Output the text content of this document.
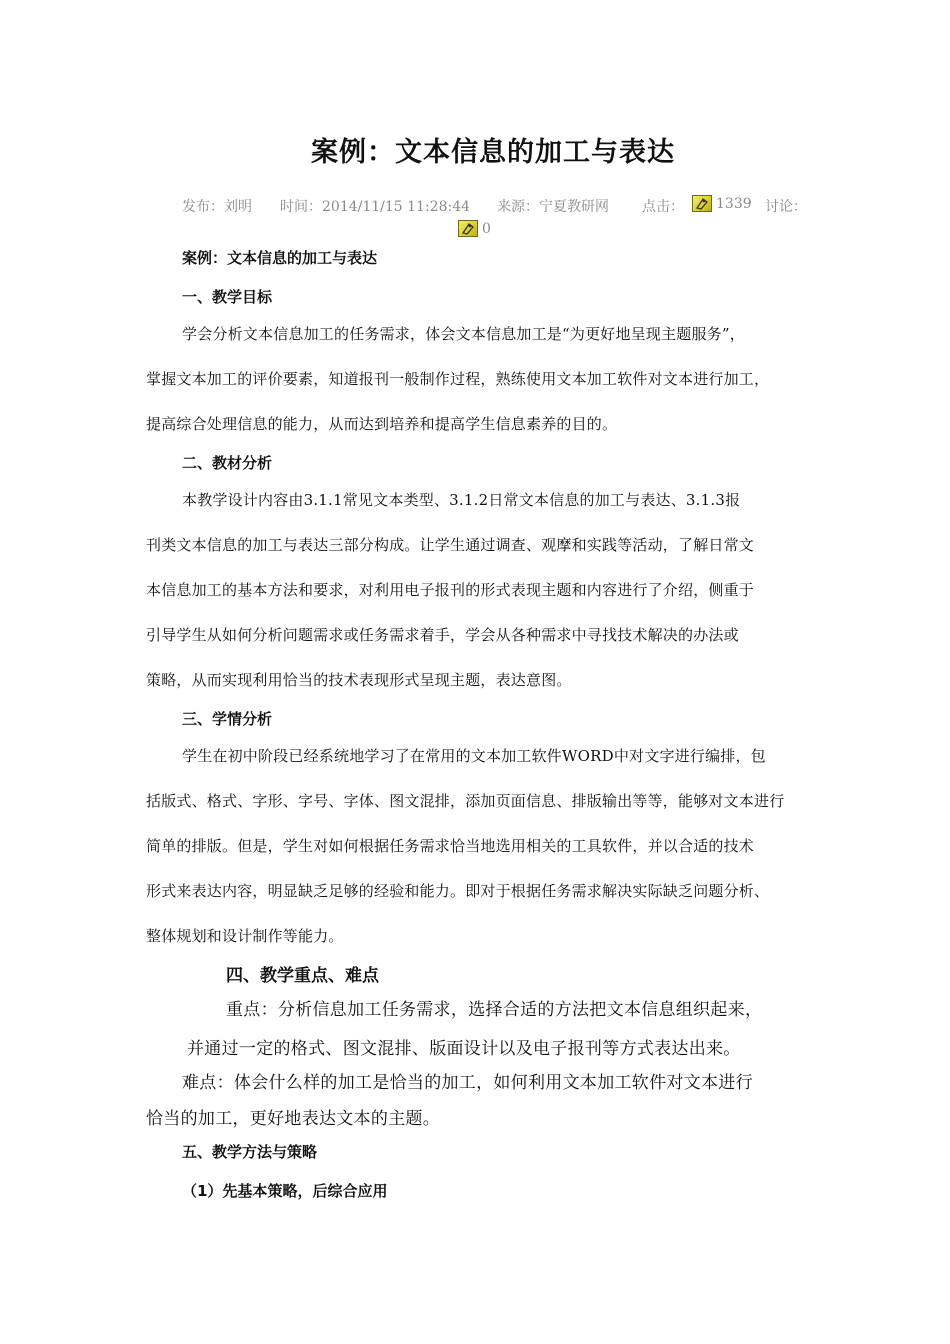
案例：文本信息的加工与表达
发布：刘明 时间：2014/11/15 11:28:44 来源：宁夏教研网 点击： 1339 讨论：
0
案例：文本信息的加工与表达
一、教学目标
学会分析文本信息加工的任务需求，体会文本信息加工是“为更好地呈现主题服务”，
掌握文本加工的评价要素，知道报刊一般制作过程，熟练使用文本加工软件对文本进行加工，
提高综合处理信息的能力，从而达到培养和提高学生信息素养的目的。
二、教材分析
本教学设计内容由3.1.1常见文本类型、3.1.2日常文本信息的加工与表达、3.1.3报
刊类文本信息的加工与表达三部分构成。让学生通过调查、观摩和实践等活动，了解日常文
本信息加工的基本方法和要求，对利用电子报刊的形式表现主题和内容进行了介绍，侧重于
引导学生从如何分析问题需求或任务需求着手，学会从各种需求中寻找技术解决的办法或
策略，从而实现利用恰当的技术表现形式呈现主题，表达意图。
三、学情分析
学生在初中阶段已经系统地学习了在常用的文本加工软件WORD中对文字进行编排，包
括版式、格式、字形、字号、字体、图文混排，添加页面信息、排版输出等等，能够对文本进行
简单的排版。但是，学生对如何根据任务需求恰当地选用相关的工具软件，并以合适的技术
形式来表达内容，明显缺乏足够的经验和能力。即对于根据任务需求解决实际缺乏问题分析、
整体规划和设计制作等能力。
四、教学重点、难点
重点：分析信息加工任务需求，选择合适的方法把文本信息组织起来，
并通过一定的格式、图文混排、版面设计以及电子报刊等方式表达出来。
难点：体会什么样的加工是恰当的加工，如何利用文本加工软件对文本进行
恰当的加工，更好地表达文本的主题。
五、教学方法与策略
（1）先基本策略，后综合应用
